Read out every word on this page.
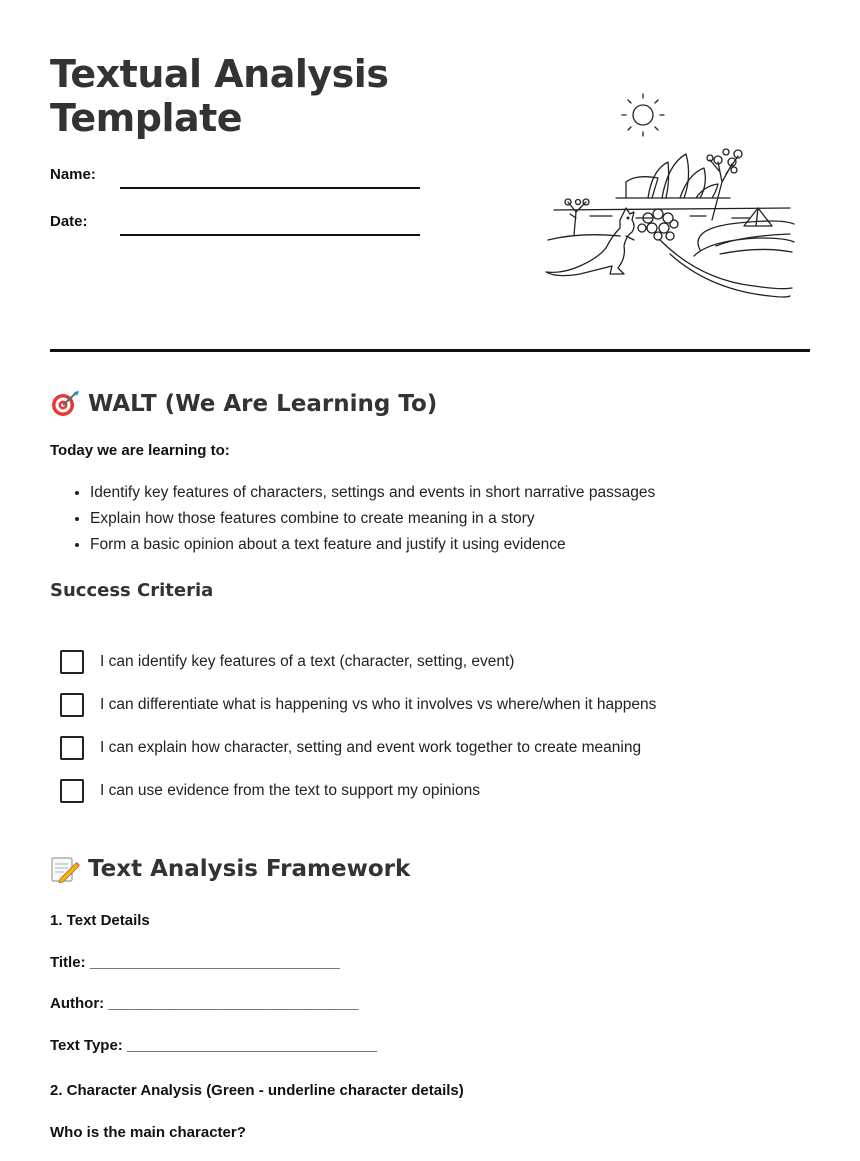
Textual Analysis
Template
Name:
Date:
WALT (We Are Learning To)
Today we are learning to:
• Identify key features of characters, settings and events in short narrative passages
• Explain how those features combine to create meaning in a story
• Form a basic opinion about a text feature and justify it using evidence
Success Criteria
I can identify key features of a text (character, setting, event)
I can differentiate what is happening vs who it involves vs where/when it happens
I can explain how character, setting and event work together to create meaning
I can use evidence from the text to support my opinions
Text Analysis Framework
1. Text Details
Title: ______________________________
Author: ______________________________
Text Type: ______________________________
2. Character Analysis (Green - underline character details)
Who is the main character?
